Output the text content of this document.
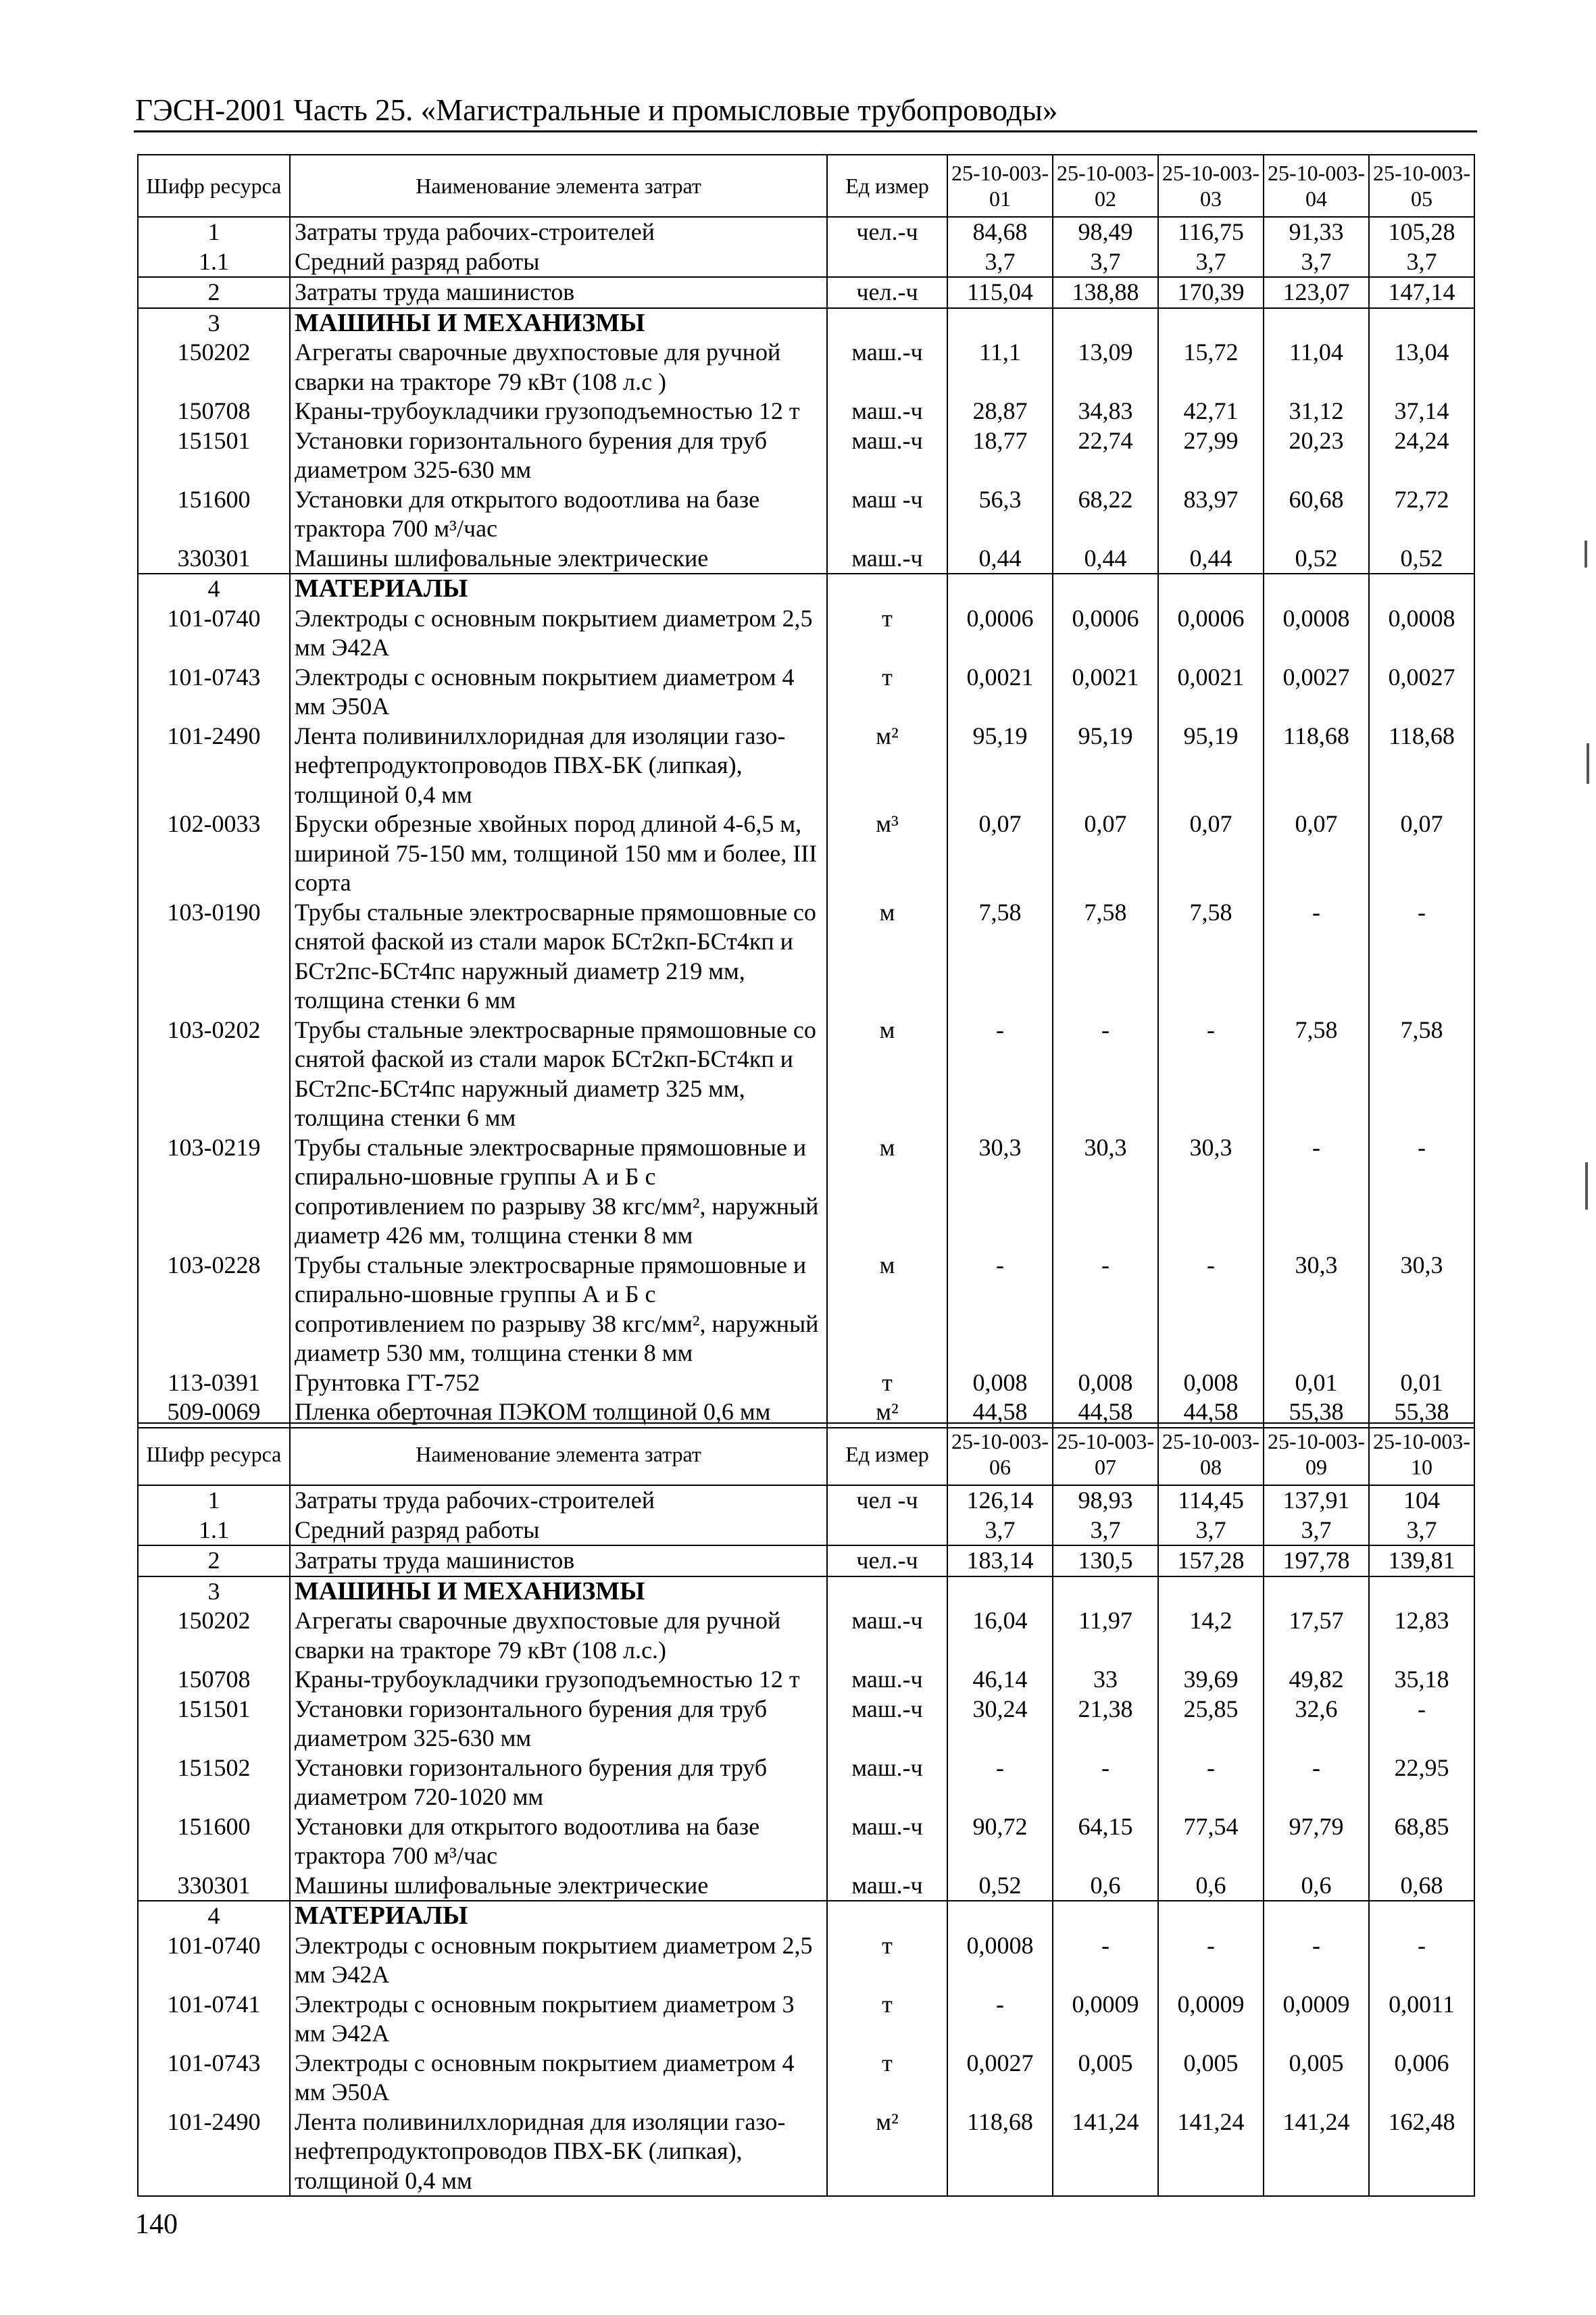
ГЭСН-2001 Часть 25. «Магистральные и промысловые трубопроводы»
Шифр ресурса	Наименование элемента затрат	Ед измер	25-10-003-01	25-10-003-02	25-10-003-03	25-10-003-04	25-10-003-05
1	Затраты труда рабочих-строителей	чел.-ч	84,68	98,49	116,75	91,33	105,28
1.1	Средний разряд работы		3,7	3,7	3,7	3,7	3,7
2	Затраты труда машинистов	чел.-ч	115,04	138,88	170,39	123,07	147,14
3	МАШИНЫ И МЕХАНИЗМЫ						
150202	Агрегаты сварочные двухпостовые для ручной сварки на тракторе 79 кВт (108 л.с )	маш.-ч	11,1	13,09	15,72	11,04	13,04
150708	Краны-трубоукладчики грузоподъемностью 12 т	маш.-ч	28,87	34,83	42,71	31,12	37,14
151501	Установки горизонтального бурения для труб диаметром 325-630 мм	маш.-ч	18,77	22,74	27,99	20,23	24,24
151600	Установки для открытого водоотлива на базе трактора 700 м³/час	маш -ч	56,3	68,22	83,97	60,68	72,72
330301	Машины шлифовальные электрические	маш.-ч	0,44	0,44	0,44	0,52	0,52
4	МАТЕРИАЛЫ						
101-0740	Электроды с основным покрытием диаметром 2,5 мм Э42А	т	0,0006	0,0006	0,0006	0,0008	0,0008
101-0743	Электроды с основным покрытием диаметром 4 мм Э50А	т	0,0021	0,0021	0,0021	0,0027	0,0027
101-2490	Лента поливинилхлоридная для изоляции газо-нефтепродуктопроводов ПВХ-БК (липкая), толщиной 0,4 мм	м²	95,19	95,19	95,19	118,68	118,68
102-0033	Бруски обрезные хвойных пород длиной 4-6,5 м, шириной 75-150 мм, толщиной 150 мм и более, III сорта	м³	0,07	0,07	0,07	0,07	0,07
103-0190	Трубы стальные электросварные прямошовные со снятой фаской из стали марок БСт2кп-БСт4кп и БСт2пс-БСт4пс наружный диаметр 219 мм, толщина стенки 6 мм	м	7,58	7,58	7,58	-	-
103-0202	Трубы стальные электросварные прямошовные со снятой фаской из стали марок БСт2кп-БСт4кп и БСт2пс-БСт4пс наружный диаметр 325 мм, толщина стенки 6 мм	м	-	-	-	7,58	7,58
103-0219	Трубы стальные электросварные прямошовные и спирально-шовные группы А и Б с сопротивлением по разрыву 38 кгс/мм², наружный диаметр 426 мм, толщина стенки 8 мм	м	30,3	30,3	30,3	-	-
103-0228	Трубы стальные электросварные прямошовные и спирально-шовные группы А и Б с сопротивлением по разрыву 38 кгс/мм², наружный диаметр 530 мм, толщина стенки 8 мм	м	-	-	-	30,3	30,3
113-0391	Грунтовка ГТ-752	т	0,008	0,008	0,008	0,01	0,01
509-0069	Пленка оберточная ПЭКОМ толщиной 0,6 мм	м²	44,58	44,58	44,58	55,38	55,38
Шифр ресурса	Наименование элемента затрат	Ед измер	25-10-003-06	25-10-003-07	25-10-003-08	25-10-003-09	25-10-003-10
1	Затраты труда рабочих-строителей	чел -ч	126,14	98,93	114,45	137,91	104
1.1	Средний разряд работы		3,7	3,7	3,7	3,7	3,7
2	Затраты труда машинистов	чел.-ч	183,14	130,5	157,28	197,78	139,81
3	МАШИНЫ И МЕХАНИЗМЫ						
150202	Агрегаты сварочные двухпостовые для ручной сварки на тракторе 79 кВт (108 л.с.)	маш.-ч	16,04	11,97	14,2	17,57	12,83
150708	Краны-трубоукладчики грузоподъемностью 12 т	маш.-ч	46,14	33	39,69	49,82	35,18
151501	Установки горизонтального бурения для труб диаметром 325-630 мм	маш.-ч	30,24	21,38	25,85	32,6	-
151502	Установки горизонтального бурения для труб диаметром 720-1020 мм	маш.-ч	-	-	-	-	22,95
151600	Установки для открытого водоотлива на базе трактора 700 м³/час	маш.-ч	90,72	64,15	77,54	97,79	68,85
330301	Машины шлифовальные электрические	маш.-ч	0,52	0,6	0,6	0,6	0,68
4	МАТЕРИАЛЫ						
101-0740	Электроды с основным покрытием диаметром 2,5 мм Э42А	т	0,0008	-	-	-	-
101-0741	Электроды с основным покрытием диаметром 3 мм Э42А	т	-	0,0009	0,0009	0,0009	0,0011
101-0743	Электроды с основным покрытием диаметром 4 мм Э50А	т	0,0027	0,005	0,005	0,005	0,006
101-2490	Лента поливинилхлоридная для изоляции газо-нефтепродуктопроводов ПВХ-БК (липкая), толщиной 0,4 мм	м²	118,68	141,24	141,24	141,24	162,48
140
